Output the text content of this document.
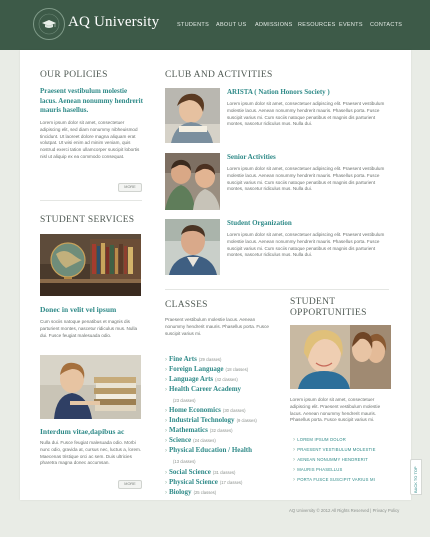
AQ University	STUDENTS ABOUT US ADMISSIONS RESOURCES EVENTS CONTACTS
OUR POLICIES
Praesent vestibulum molestie lacus. Aenean nonummy hendrerit mauris hasellus.
Lorem ipsum dolor sit amet, consectetuer adipiscing elit, sed diam nonummy nibheuismod tincidunt. Ut laoreet dolore magna aliquam erat volutpat. Ut wisi enim ad minim veniam, quis nostrud exerci tation ullamcorper suscipit lobortis nisl ut aliquip ex ea commodo consequat.
MORE
STUDENT SERVICES
Donec in velit vel ipsum
Cum sociis natoque penatibus et magnis dis parturient montes, nascetur ridiculus mus. Nulla dui. Fusce feugiat malesuada odio.
Interdum vitae,dapibus ac
Nulla dui. Fusce feugiat malesuada odio. Morbi nunc odio, gravida at, cursus nec, luctus a, lorem. Maecenas tristique orci ac sem. Duis ultricies pharetra magna donec accumsan.
MORE
CLUB AND ACTIVITIES
ARISTA ( Nation Honors Society )
Lorem ipsum dolor sit amet, consectetuer adipiscing elit. Praesent vestibulum molestie lacus. Aenean nonummy hendrerit mauris. Phasellus porta. Fusce suscipit varius mi. Cum sociis natoque penatibus et magnis dis parturient montes, nascetur ridiculus mus. Nulla dui.
Senior Activities
Lorem ipsum dolor sit amet, consectetuer adipiscing elit. Praesent vestibulum molestie lacus. Aenean nonummy hendrerit mauris. Phasellus porta. Fusce suscipit varius mi. Cum sociis natoque penatibus et magnis dis parturient montes, nascetur ridiculus mus. Nulla dui.
Student Organization
Lorem ipsum dolor sit amet, consectetuer adipiscing elit. Praesent vestibulum molestie lacus. Aenean nonummy hendrerit mauris. Phasellus porta. Fusce suscipit varius mi. Cum sociis natoque penatibus et magnis dis parturient montes, nascetur ridiculus mus. Nulla dui.
CLASSES
Praesent vestibulum molestie lacus. Aenean nonummy hendrerit mauris. Phasellus porta. Fusce suscipit varius mi.
› Fine Arts (29 classes)
› Foreign Language (18 classes)
› Language Arts (42 classes)
› Health Career Academy
(23 classes)
› Home Economics (30 classes)
› Industrial Technology (9 classes)
› Mathematics (32 classes)
› Science (24 classes)
› Physical Education / Health
(13 classes)
› Social Science (31 classes)
› Physical Science (17 classes)
› Biology (25 classes)
STUDENT
OPPORTUNITIES
Lorem ipsum dolor sit amet, consectetuer adipiscing elit. Praesent vestibulum molestie lacus. Aenean nonummy hendrerit mauris. Phasellus porta. Fusce suscipit varius mi.
› LOREM IPSUM DOLOR
› PRAESENT VESTIBULUM MOLESTIE
› AENEAN NONUMMY HENDRERIT
› MAURIS PHASELLUS
› PORTA FUSCE SUSCIPIT VARIUS MI	BACK TO TOP
AQ University © 2012 All Rights Reserved | Privacy Policy
